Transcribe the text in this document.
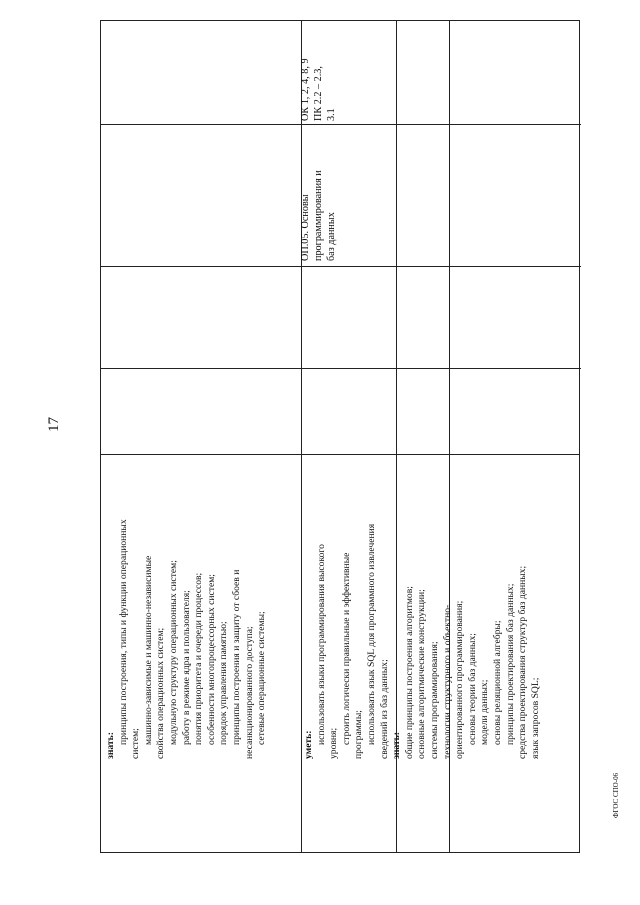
17
знать:
принципы построения, типы и функции операционных систем; машинно-зависимые и машинно-независимые свойства операционных систем; модульную структуру операционных систем; работу в режиме ядра и пользователя; понятия приоритета и очереди процессов; особенности многопроцессорных систем; порядок управления памятью; принципы построения и защиту от сбоев и несанкционированного доступа; сетевые операционные системы;	уметь: использовать языки программирования высокого уровня; строить логически правильные и эффективные программы; использовать язык SQL для программного извлечения сведений из баз данных; знать: общие принципы построения алгоритмов; основные алгоритмические конструкции; системы программирования; технологии структурного и объектно- ориентированного программирования; основы теории баз данных; модели данных; основы реляционной алгебры; принципы проектирования баз данных; средства проектирования структур баз данных; язык запросов SQL;
ОП.05. Основы программирования и баз данных
ОК 1, 2, 4, 8, 9 ПК 2.2 – 2.3, 3.1
ФГОС СПО-06
